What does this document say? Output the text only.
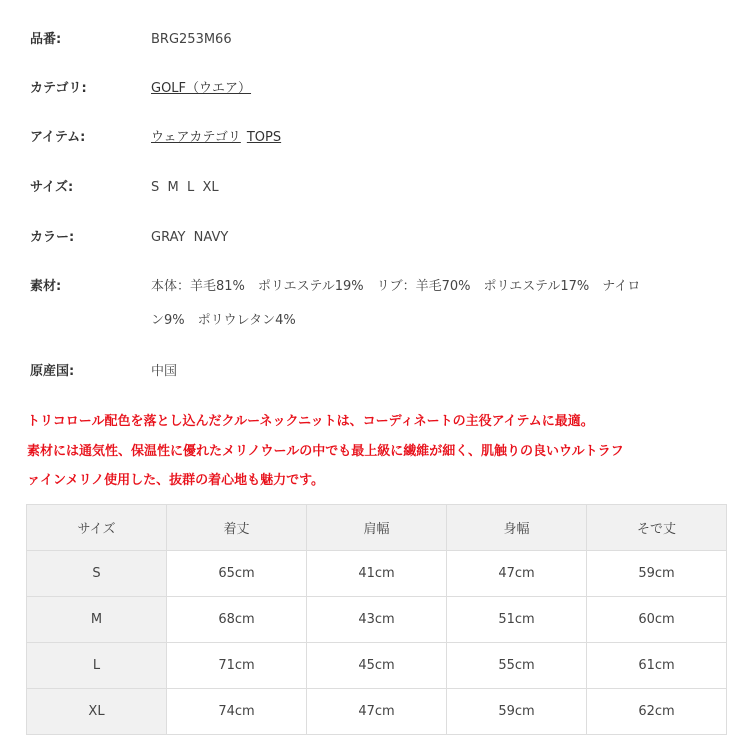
品番:	BRG253M66
カテゴリ:	GOLF（ウエア）
アイテム:	ウェアカテゴリ TOPS
サイズ:	S  M  L  XL
カラー:	GRAY  NAVY
素材:	本体：羊毛81%　ポリエステル19%　リブ：羊毛70%　ポリエステル17%　ナイロ
ン9%　ポリウレタン4%
原産国:	中国
トリコロール配色を落とし込んだクルーネックニットは、コーディネートの主役アイテムに最適。
素材には通気性、保温性に優れたメリノウールの中でも最上級に繊維が細く、肌触りの良いウルトラフ
ァインメリノ使用した、抜群の着心地も魅力です。
サイズ	着丈	肩幅	身幅	そで丈
S	65cm	41cm	47cm	59cm
M	68cm	43cm	51cm	60cm
L	71cm	45cm	55cm	61cm
XL	74cm	47cm	59cm	62cm
